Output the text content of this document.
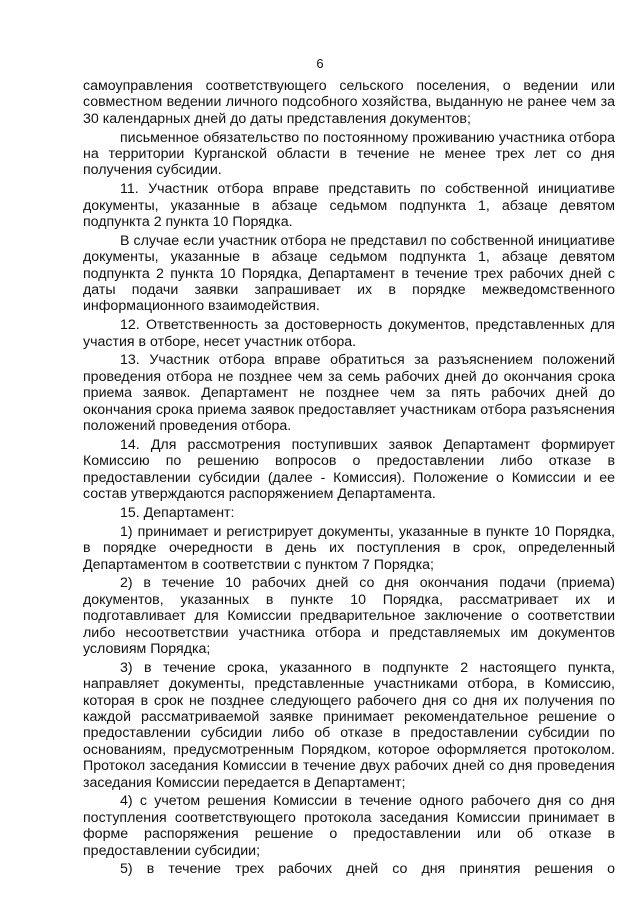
6

самоуправления соответствующего сельского поселения, о ведении или совместном ведении личного подсобного хозяйства, выданную не ранее чем за 30 календарных дней до даты представления документов;

письменное обязательство по постоянному проживанию участника отбора на территории Курганской области в течение не менее трех лет со дня получения субсидии.

11. Участник отбора вправе представить по собственной инициативе документы, указанные в абзаце седьмом подпункта 1, абзаце девятом подпункта 2 пункта 10 Порядка.

В случае если участник отбора не представил по собственной инициативе документы, указанные в абзаце седьмом подпункта 1, абзаце девятом подпункта 2 пункта 10 Порядка, Департамент в течение трех рабочих дней с даты подачи заявки запрашивает их в порядке межведомственного информационного взаимодействия.

12. Ответственность за достоверность документов, представленных для участия в отборе, несет участник отбора.

13. Участник отбора вправе обратиться за разъяснением положений проведения отбора не позднее чем за семь рабочих дней до окончания срока приема заявок. Департамент не позднее чем за пять рабочих дней до окончания срока приема заявок предоставляет участникам отбора разъяснения положений проведения отбора.

14. Для рассмотрения поступивших заявок Департамент формирует Комиссию по решению вопросов о предоставлении либо отказе в предоставлении субсидии (далее - Комиссия). Положение о Комиссии и ее состав утверждаются распоряжением Департамента.

15. Департамент:

1) принимает и регистрирует документы, указанные в пункте 10 Порядка, в порядке очередности в день их поступления в срок, определенный Департаментом в соответствии с пунктом 7 Порядка;

2) в течение 10 рабочих дней со дня окончания подачи (приема) документов, указанных в пункте 10 Порядка, рассматривает их и подготавливает для Комиссии предварительное заключение о соответствии либо несоответствии участника отбора и представляемых им документов условиям Порядка;

3) в течение срока, указанного в подпункте 2 настоящего пункта, направляет документы, представленные участниками отбора, в Комиссию, которая в срок не позднее следующего рабочего дня со дня их получения по каждой рассматриваемой заявке принимает рекомендательное решение о предоставлении субсидии либо об отказе в предоставлении субсидии по основаниям, предусмотренным Порядком, которое оформляется протоколом. Протокол заседания Комиссии в течение двух рабочих дней со дня проведения заседания Комиссии передается в Департамент;

4) с учетом решения Комиссии в течение одного рабочего дня со дня поступления соответствующего протокола заседания Комиссии принимает в форме распоряжения решение о предоставлении или об отказе в предоставлении субсидии;

5) в течение трех рабочих дней со дня принятия решения о
